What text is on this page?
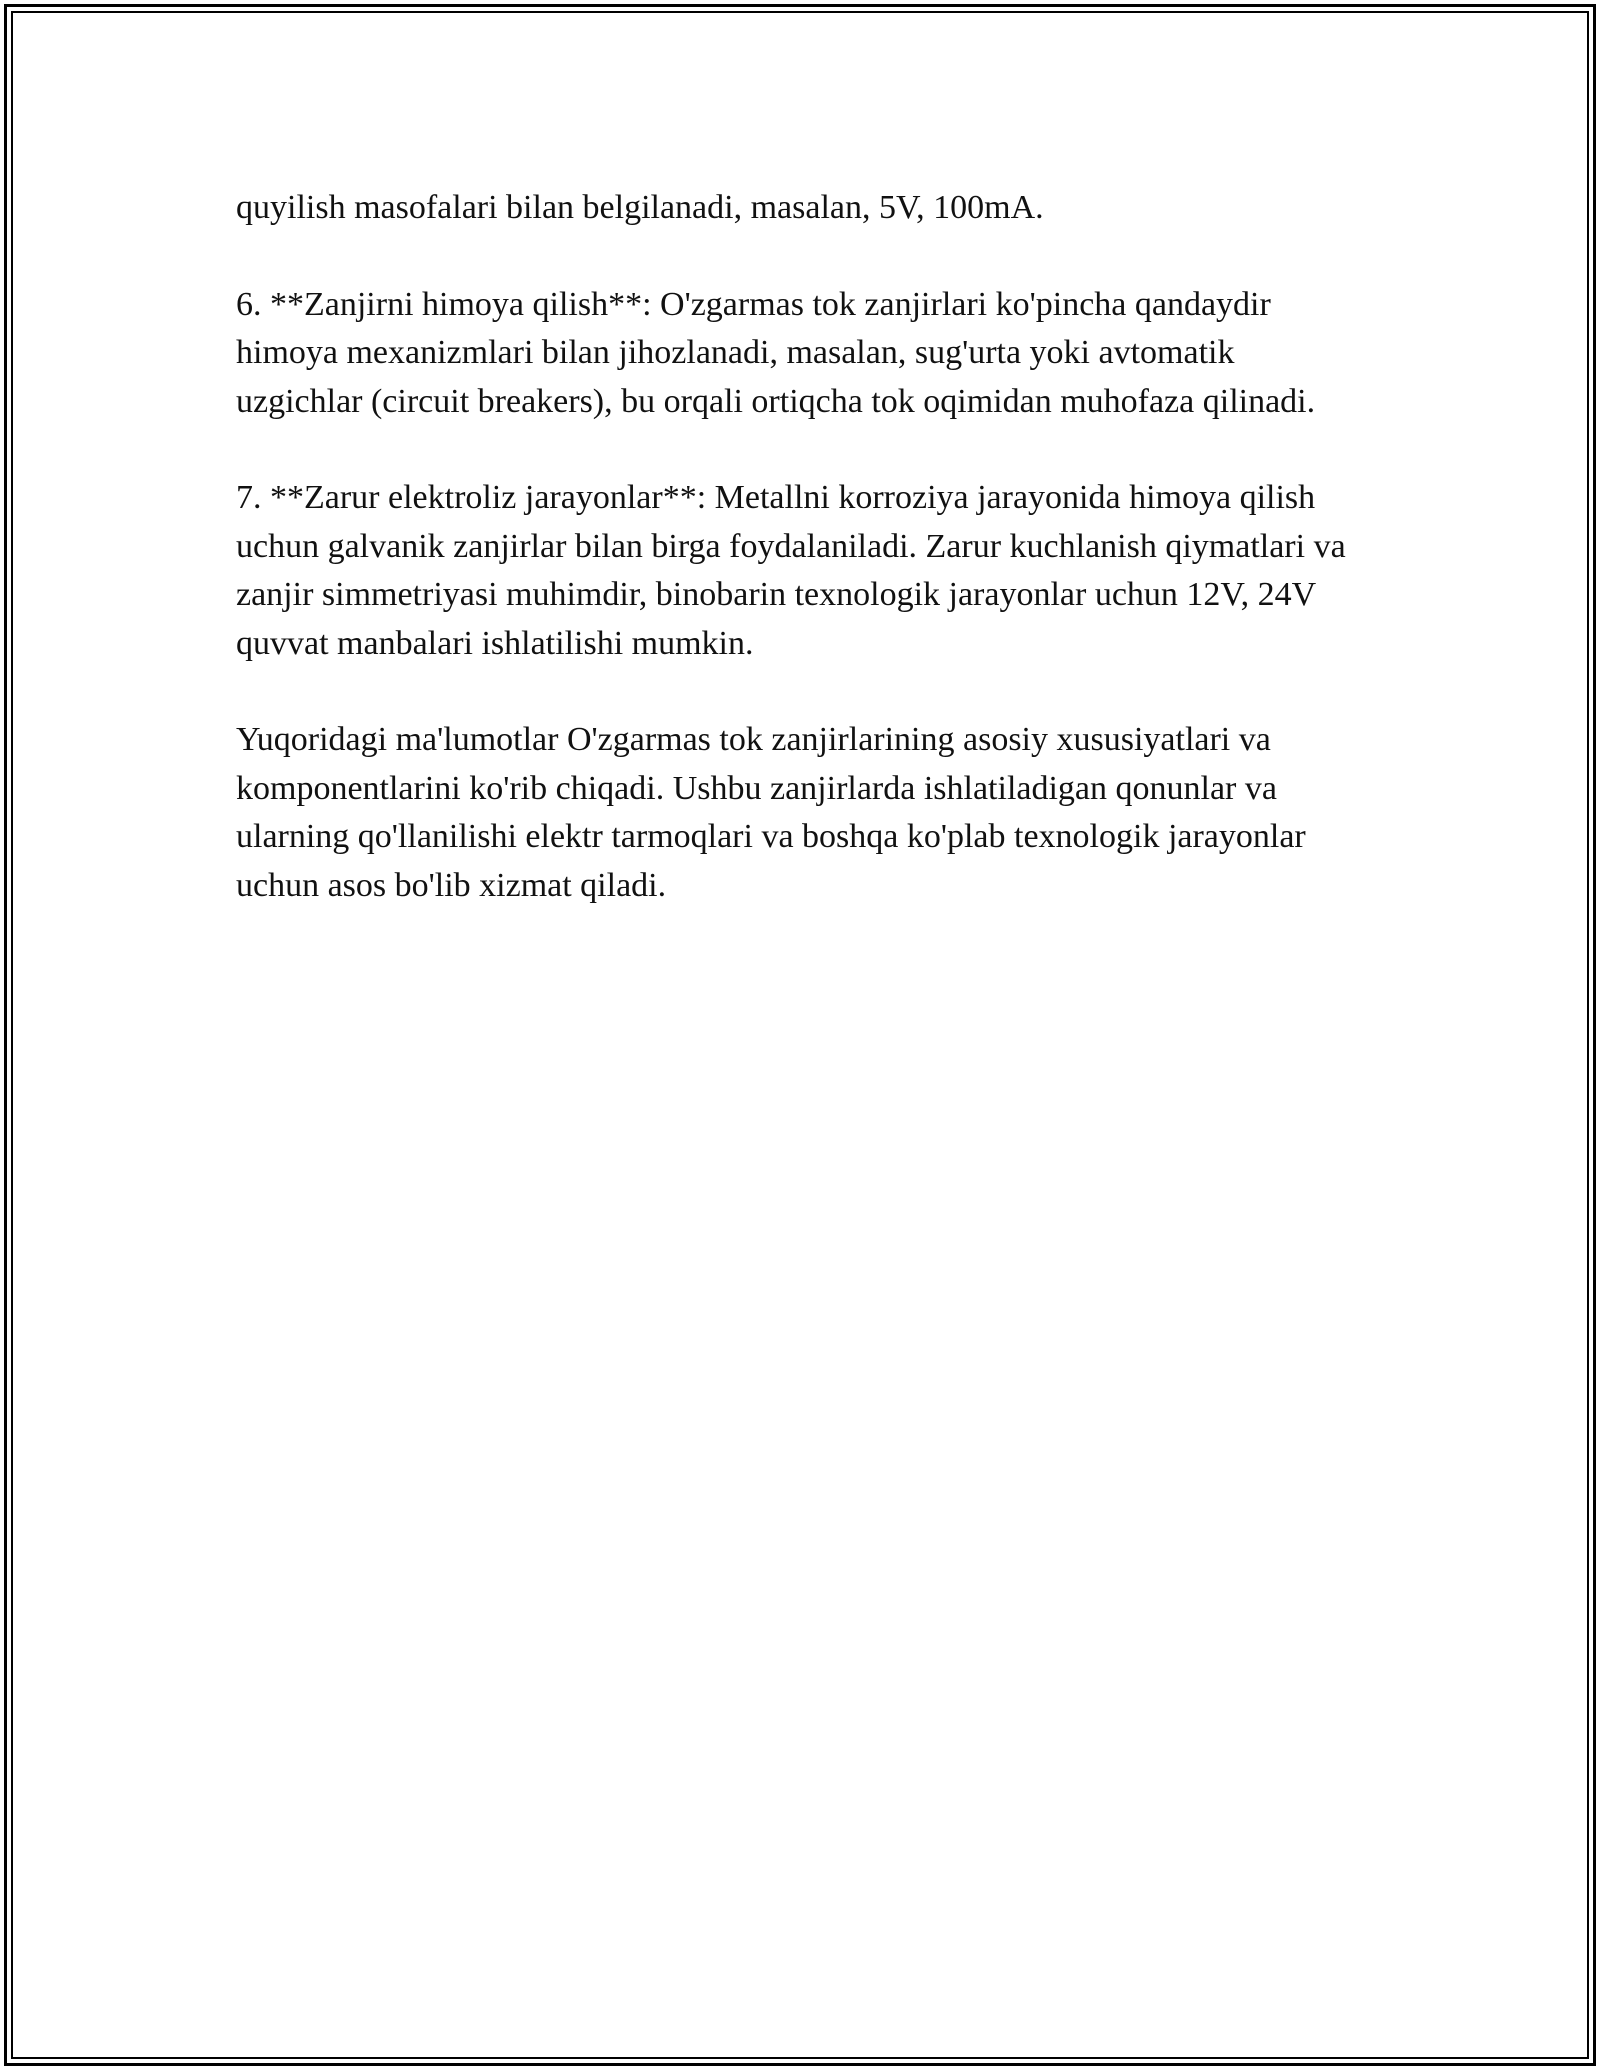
quyilish masofalari bilan belgilanadi, masalan, 5V, 100mA.

6. **Zanjirni himoya qilish**: O'zgarmas tok zanjirlari ko'pincha qandaydir himoya mexanizmlari bilan jihozlanadi, masalan, sug'urta yoki avtomatik uzgichlar (circuit breakers), bu orqali ortiqcha tok oqimidan muhofaza qilinadi.

7. **Zarur elektroliz jarayonlar**: Metallni korroziya jarayonida himoya qilish uchun galvanik zanjirlar bilan birga foydalaniladi. Zarur kuchlanish qiymatlari va zanjir simmetriyasi muhimdir, binobarin texnologik jarayonlar uchun 12V, 24V quvvat manbalari ishlatilishi mumkin.

Yuqoridagi ma'lumotlar O'zgarmas tok zanjirlarining asosiy xususiyatlari va komponentlarini ko'rib chiqadi. Ushbu zanjirlarda ishlatiladigan qonunlar va ularning qo'llanilishi elektr tarmoqlari va boshqa ko'plab texnologik jarayonlar uchun asos bo'lib xizmat qiladi.
